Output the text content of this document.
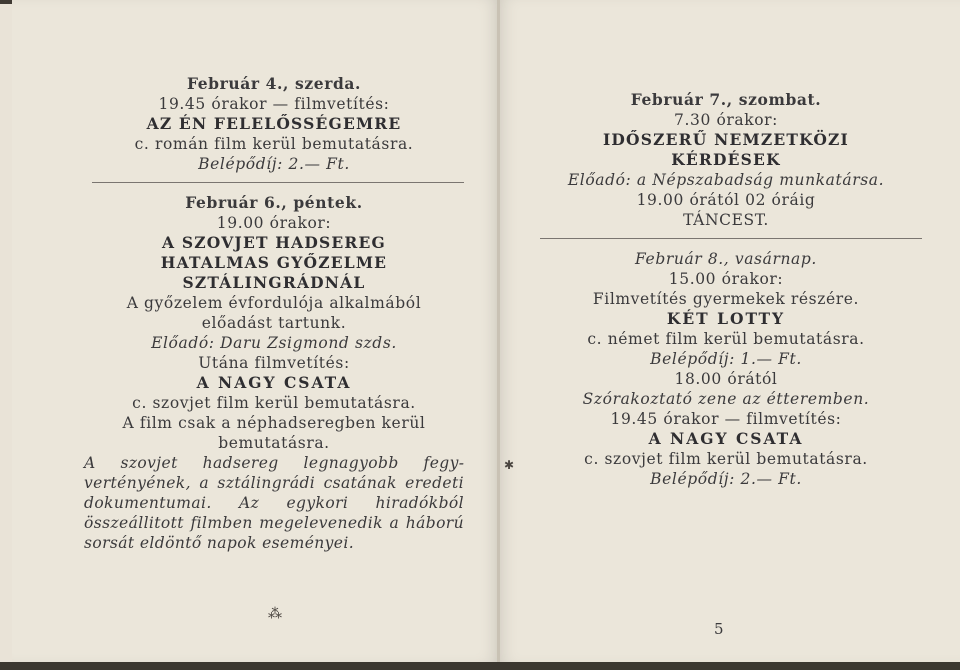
Február 4., szerda.

19.45 órakor — filmvetítés:

AZ ÉN FELELŐSSÉGEMRE

c. román film kerül bemutatásra.

Belépődíj: 2.— Ft.

Február 6., péntek.

19.00 órakor:

A SZOVJET HADSEREG

HATALMAS GYŐZELME

SZTÁLINGRÁDNÁL

A győzelem évfordulója alkalmából

előadást tartunk.

Előadó: Daru Zsigmond szds.

Utána filmvetítés:

A NAGY CSATA

c. szovjet film kerül bemutatásra.

A film csak a néphadseregben kerül

bemutatásra.

A szovjet hadsereg legnagyobb fegyvertényének, a sztálingrádi csatának eredeti dokumentumai. Az egykori hiradókból összeállitott filmben megelevenedik a háború sorsát eldöntő napok eseményei.

Február 7., szombat.

7.30 órakor:

IDŐSZERŰ NEMZETKÖZI

KÉRDÉSEK

Előadó: a Népszabadság munkatársa.

19.00 órától 02 óráig

TÁNCEST.

Február 8., vasárnap.

15.00 órakor:

Filmvetítés gyermekek részére.

KÉT LOTTY

c. német film kerül bemutatásra.

Belépődíj: 1.— Ft.

18.00 órától

Szórakoztató zene az étteremben.

19.45 órakor — filmvetítés:

A NAGY CSATA

c. szovjet film kerül bemutatásra.

Belépődíj: 2.— Ft.

5
⁂
✱
